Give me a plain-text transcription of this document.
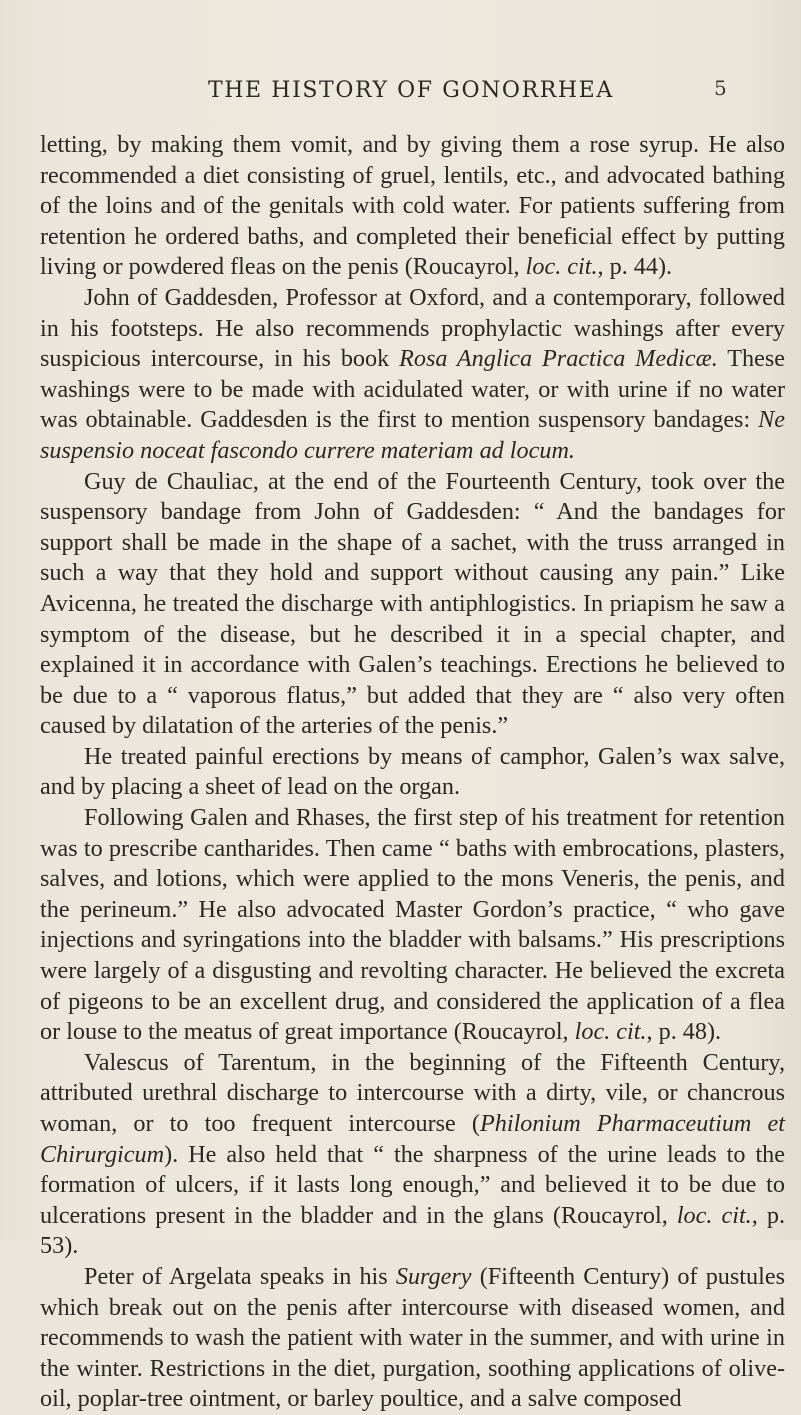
THE HISTORY OF GONORRHEA	5

letting, by making them vomit, and by giving them a rose syrup. He also recommended a diet consisting of gruel, lentils, etc., and advocated bathing of the loins and of the genitals with cold water. For patients suffering from retention he ordered baths, and completed their beneficial effect by putting living or powdered fleas on the penis (Roucayrol, loc. cit., p. 44).

John of Gaddesden, Professor at Oxford, and a contemporary, followed in his footsteps. He also recommends prophylactic washings after every suspicious intercourse, in his book Rosa Anglica Practica Medicæ. These washings were to be made with acidulated water, or with urine if no water was obtainable. Gaddesden is the first to mention suspensory bandages: Ne suspensio noceat fascondo currere materiam ad locum.

Guy de Chauliac, at the end of the Fourteenth Century, took over the suspensory bandage from John of Gaddesden: “ And the bandages for support shall be made in the shape of a sachet, with the truss arranged in such a way that they hold and support without causing any pain.” Like Avicenna, he treated the discharge with antiphlogistics. In priapism he saw a symptom of the disease, but he described it in a special chapter, and explained it in accordance with Galen’s teachings. Erections he believed to be due to a “ vaporous flatus,” but added that they are “ also very often caused by dilatation of the arteries of the penis.”

He treated painful erections by means of camphor, Galen’s wax salve, and by placing a sheet of lead on the organ.

Following Galen and Rhases, the first step of his treatment for retention was to prescribe cantharides. Then came “ baths with embrocations, plasters, salves, and lotions, which were applied to the mons Veneris, the penis, and the perineum.” He also advocated Master Gordon’s practice, “ who gave injections and syringations into the bladder with balsams.” His prescriptions were largely of a disgusting and revolting character. He believed the excreta of pigeons to be an excellent drug, and considered the application of a flea or louse to the meatus of great importance (Roucayrol, loc. cit., p. 48).

Valescus of Tarentum, in the beginning of the Fifteenth Century, attributed urethral discharge to intercourse with a dirty, vile, or chancrous woman, or to too frequent intercourse (Philonium Pharmaceutium et Chirurgicum). He also held that “ the sharpness of the urine leads to the formation of ulcers, if it lasts long enough,” and believed it to be due to ulcerations present in the bladder and in the glans (Roucayrol, loc. cit., p. 53).

Peter of Argelata speaks in his Surgery (Fifteenth Century) of pustules which break out on the penis after intercourse with diseased women, and recommends to wash the patient with water in the summer, and with urine in the winter. Restrictions in the diet, purgation, soothing applications of olive-oil, poplar-tree ointment, or barley poultice, and a salve composed
